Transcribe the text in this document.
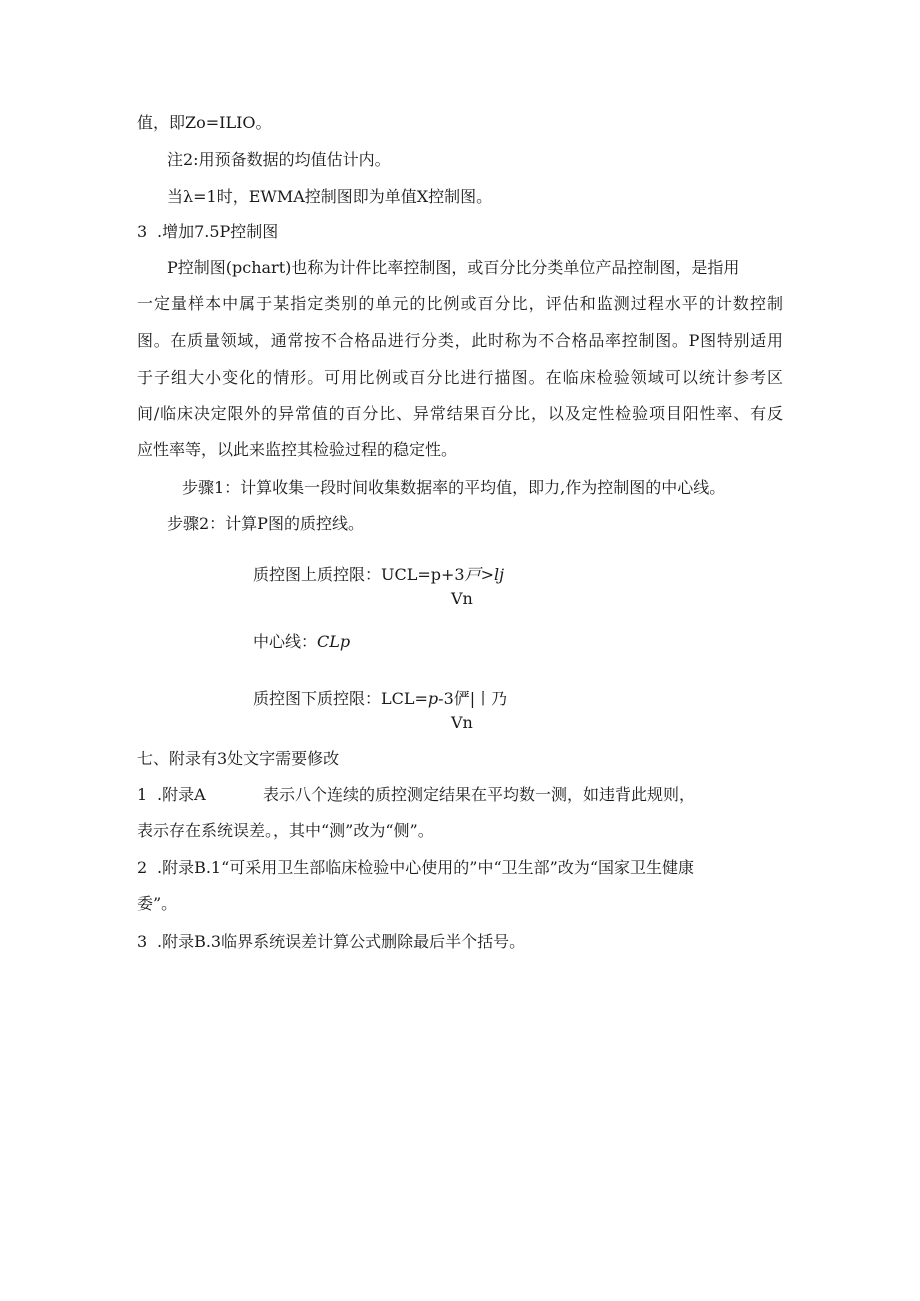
值，即Zo=ILIO。

注2:用预备数据的均值估计内。

当λ=1时，EWMA控制图即为单值X控制图。

3 .增加7.5P控制图

P控制图(pchart)也称为计件比率控制图，或百分比分类单位产品控制图，是指用

一定量样本中属于某指定类别的单元的比例或百分比，评估和监测过程水平的计数控制

图。在质量领域，通常按不合格品进行分类，此时称为不合格品率控制图。P图特别适用

于子组大小变化的情形。可用比例或百分比进行描图。在临床检验领域可以统计参考区

间/临床决定限外的异常值的百分比、异常结果百分比，以及定性检验项目阳性率、有反

应性率等，以此来监控其检验过程的稳定性。

步骤1：计算收集一段时间收集数据率的平均值，即力,作为控制图的中心线。

步骤2：计算P图的质控线。

质控图上质控限：UCL=p+3戸>lj

Vn

中心线：CLp

质控图下质控限：LCL=p-3俨|丨乃

Vn

七、附录有3处文字需要修改

1 .附录A	表示八个连续的质控测定结果在平均数一测，如违背此规则，

表示存在系统误差。，其中“测”改为“侧”。

2 .附录B.1“可采用卫生部临床检验中心使用的”中“卫生部”改为“国家卫生健康

委”。

3 .附录B.3临界系统误差计算公式删除最后半个括号。
